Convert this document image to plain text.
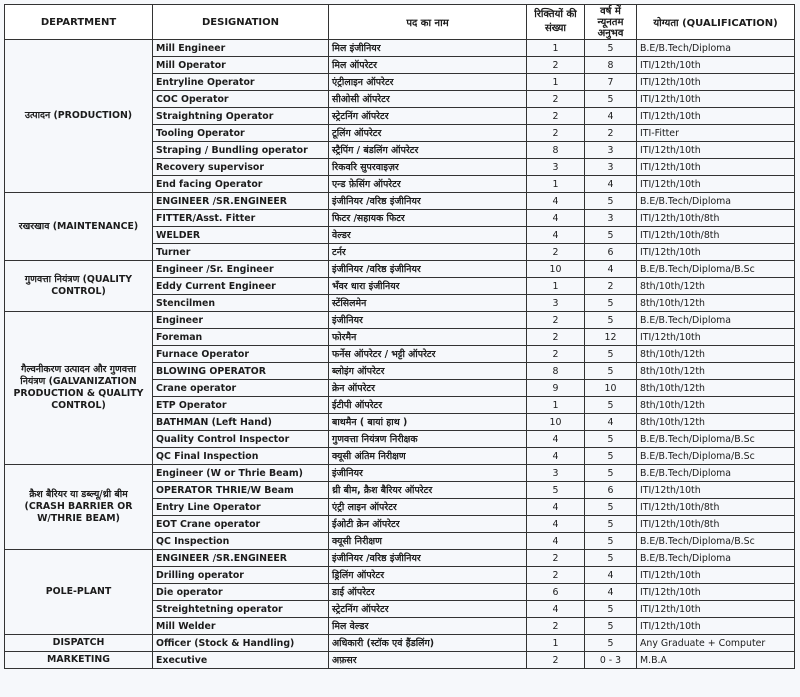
DEPARTMENT	DESIGNATION	पद का नाम	रिक्तियों की संख्या	वर्ष में न्यूनतम अनुभव	योग्यता (QUALIFICATION)
उत्पादन (PRODUCTION)	Mill Engineer	मिल इंजीनियर	1	5	B.E/B.Tech/Diploma
	Mill Operator	मिल ऑपरेटर	2	8	ITI/12th/10th
	Entryline Operator	एंट्रीलाइन ऑपरेटर	1	7	ITI/12th/10th
	COC Operator	सीओसी ऑपरेटर	2	5	ITI/12th/10th
	Straightning Operator	स्ट्रेटनिंग ऑपरेटर	2	4	ITI/12th/10th
	Tooling Operator	टूलिंग ऑपरेटर	2	2	ITI-Fitter
	Straping / Bundling operator	स्ट्रैपिंग / बंडलिंग ऑपरेटर	8	3	ITI/12th/10th
	Recovery supervisor	रिकवरि सुपरवाइज़र	3	3	ITI/12th/10th
	End facing Operator	एन्ड फ़ेसिंग ऑपरेटर	1	4	ITI/12th/10th
रखरखाव (MAINTENANCE)	ENGINEER /SR.ENGINEER	इंजीनियर /वरिष्ठ इंजीनियर	4	5	B.E/B.Tech/Diploma
	FITTER/Asst. Fitter	फिटर /सहायक फिटर	4	3	ITI/12th/10th/8th
	WELDER	वेल्डर	4	5	ITI/12th/10th/8th
	Turner	टर्नर	2	6	ITI/12th/10th
गुणवत्ता नियंत्रण (QUALITY CONTROL)	Engineer /Sr. Engineer	इंजीनियर /वरिष्ठ इंजीनियर	10	4	B.E/B.Tech/Diploma/B.Sc
	Eddy Current Engineer	भँवर धारा इंजीनियर	1	2	8th/10th/12th
	Stencilmen	स्टेंसिलमेन	3	5	8th/10th/12th
गैल्वनीकरण उत्पादन और गुणवत्ता नियंत्रण (GALVANIZATION PRODUCTION & QUALITY CONTROL)	Engineer	इंजीनियर	2	5	B.E/B.Tech/Diploma
	Foreman	फोरमैन	2	12	ITI/12th/10th
	Furnace Operator	फर्नेस ऑपरेटर / भट्टी ऑपरेटर	2	5	8th/10th/12th
	BLOWING OPERATOR	ब्लोइंग ऑपरेटर	8	5	8th/10th/12th
	Crane operator	क्रेन ऑपरेटर	9	10	8th/10th/12th
	ETP Operator	ईटीपी ऑपरेटर	1	5	8th/10th/12th
	BATHMAN (Left Hand)	बाथमैन ( बायां हाथ )	10	4	8th/10th/12th
	Quality Control Inspector	गुणवत्ता नियंत्रण निरीक्षक	4	5	B.E/B.Tech/Diploma/B.Sc
	QC Final Inspection	क्यूसी अंतिम निरीक्षण	4	5	B.E/B.Tech/Diploma/B.Sc
क्रैश बैरियर या डब्ल्यू/थ्री बीम (CRASH BARRIER OR W/THRIE BEAM)	Engineer (W or Thrie Beam)	इंजीनियर	3	5	B.E/B.Tech/Diploma
	OPERATOR THRIE/W Beam	थ्री बीम, क्रैश बैरियर ऑपरेटर	5	6	ITI/12th/10th
	Entry Line Operator	एंट्री लाइन ऑपरेटर	4	5	ITI/12th/10th/8th
	EOT Crane operator	ईओटी क्रेन ऑपरेटर	4	5	ITI/12th/10th/8th
	QC Inspection	क्यूसी निरीक्षण	4	5	B.E/B.Tech/Diploma/B.Sc
POLE-PLANT	ENGINEER /SR.ENGINEER	इंजीनियर /वरिष्ठ इंजीनियर	2	5	B.E/B.Tech/Diploma
	Drilling operator	ड्रिलिंग ऑपरेटर	2	4	ITI/12th/10th
	Die operator	डाई ऑपरेटर	6	4	ITI/12th/10th
	Streightetning operator	स्ट्रेटनिंग ऑपरेटर	4	5	ITI/12th/10th
	Mill Welder	मिल वेल्डर	2	5	ITI/12th/10th
DISPATCH	Officer (Stock & Handling)	अधिकारी (स्टॉक एवं हैंडलिंग)	1	5	Any Graduate + Computer
MARKETING	Executive	अफ़सर	2	0 - 3	M.B.A
